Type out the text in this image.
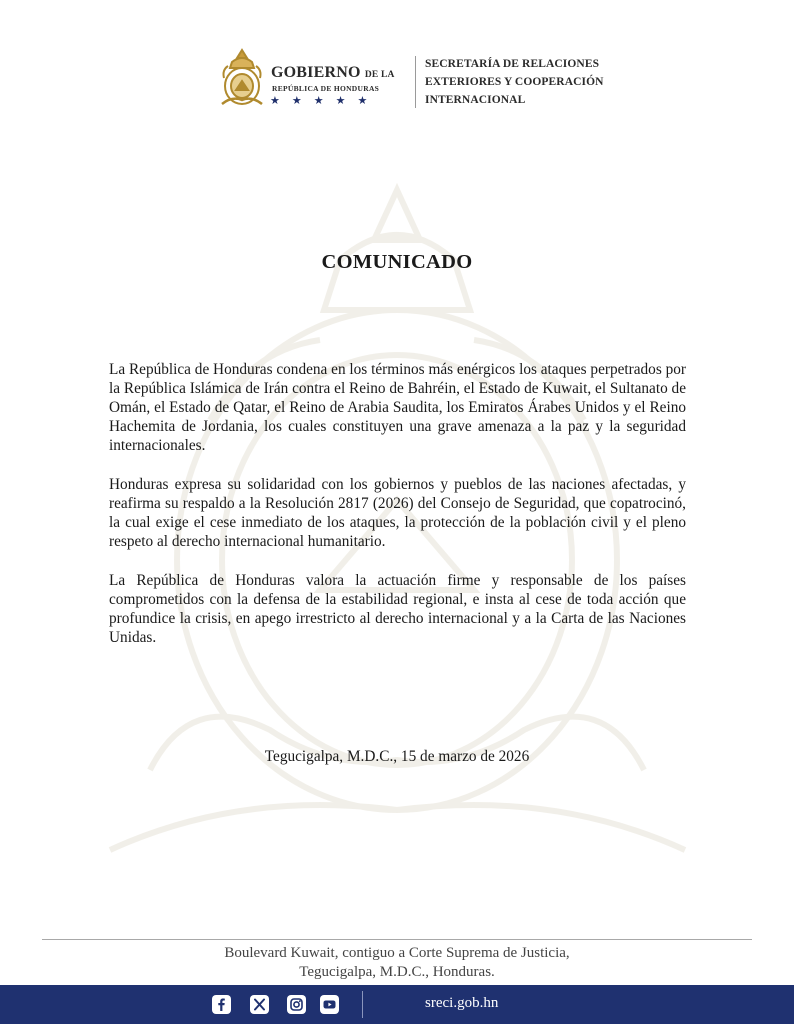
GOBIERNO DE LA
REPÚBLICA DE HONDURAS
★★★★★
SECRETARÍA DE RELACIONES
EXTERIORES Y COOPERACIÓN
INTERNACIONAL
COMUNICADO

La República de Honduras condena en los términos más enérgicos los ataques perpetrados por la República Islámica de Irán contra el Reino de Bahréin, el Estado de Kuwait, el Sultanato de Omán, el Estado de Qatar, el Reino de Arabia Saudita, los Emiratos Árabes Unidos y el Reino Hachemita de Jordania, los cuales constituyen una grave amenaza a la paz y la seguridad internacionales.

Honduras expresa su solidaridad con los gobiernos y pueblos de las naciones afectadas, y reafirma su respaldo a la Resolución 2817 (2026) del Consejo de Seguridad, que copatrocinó, la cual exige el cese inmediato de los ataques, la protección de la población civil y el pleno respeto al derecho internacional humanitario.

La República de Honduras valora la actuación firme y responsable de los países comprometidos con la defensa de la estabilidad regional, e insta al cese de toda acción que profundice la crisis, en apego irrestricto al derecho internacional y a la Carta de las Naciones Unidas.

Tegucigalpa, M.D.C., 15 de marzo de 2026
Boulevard Kuwait, contiguo a Corte Suprema de Justicia,
Tegucigalpa, M.D.C., Honduras.
sreci.gob.hn
